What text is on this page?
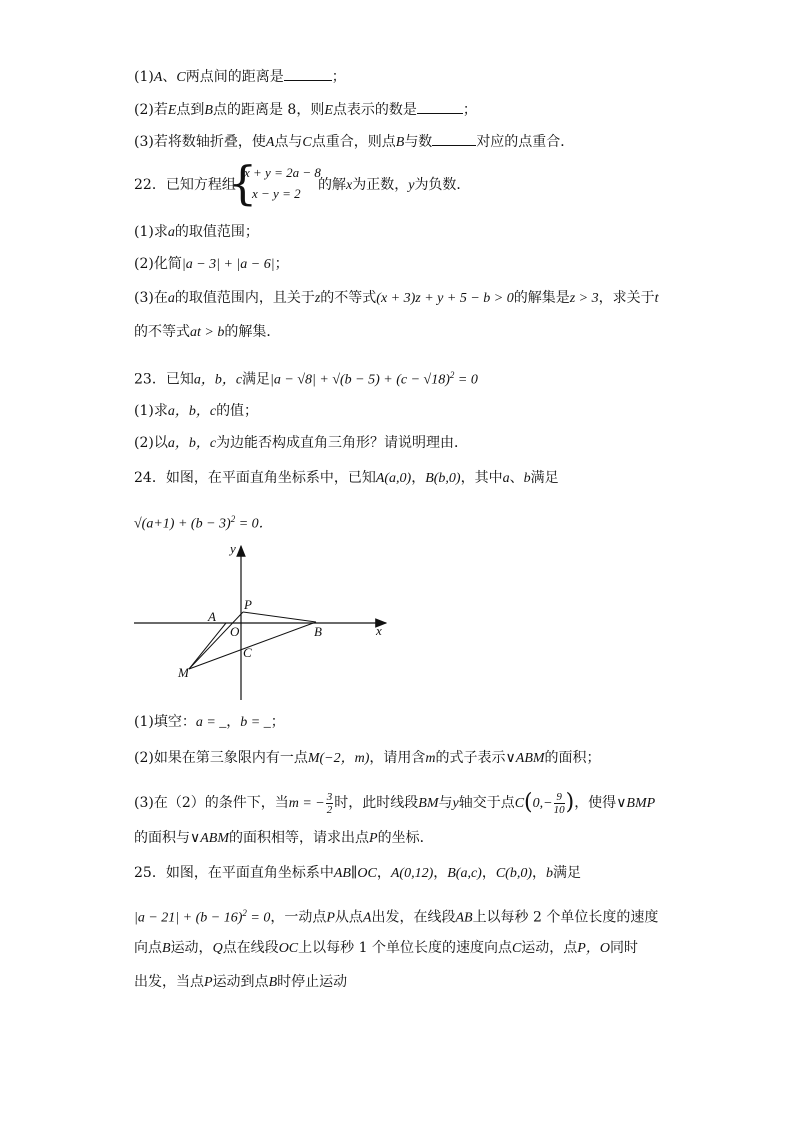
(1)A、C两点间的距离是	；
(2)若E点到B点的距离是 8，则E点表示的数是	；
(3)若将数轴折叠，使A点与C点重合，则点B与数	对应的点重合．
22．已知方程组
{
x + y = 2a − 8
x − y = 2
的解x为正数，y为负数．
(1)求a的取值范围；
(2)化简|a − 3| + |a − 6|；
(3)在a的取值范围内，且关于z的不等式(x + 3)z + y + 5 − b > 0的解集是z > 3，求关于t
的不等式at > b的解集．
23．已知a，b，c满足$|a - √8| + √(b - 5) + (c - √18)^2 = 0$
(1)求a，b，c的值；
(2)以a，b，c为边能否构成直角三角形？请说明理由．
24．如图，在平面直角坐标系中，已知A(a,0)，B(b,0)，其中a、b满足
$√(a+1) + (b - 3)^2 = 0$．
y
x
P
A
O	B
C
M
(1)填空：a = _，b = _；
(2)如果在第三象限内有一点M(−2，m)，请用含m的式子表示∨ABM的面积；
(3)在（2）的条件下，当m = − $\frac{3}{2}$ 时，此时线段BM与y轴交于点$C(0,- \frac{9}{10}$ )，使得∨BMP
的面积与∨ABM的面积相等，请求出点P的坐标．
25．如图，在平面直角坐标系中AB∥OC，A(0,12)，B(a,c)，C(b,0)，b满足
$|a - 21| + (b - 16)^2 = 0$，一动点P从点A出发，在线段AB上以每秒 2 个单位长度的速度
向点B运动，Q点在线段OC上以每秒 1 个单位长度的速度向点C运动，点P，O同时
出发，当点P运动到点B时停止运动
